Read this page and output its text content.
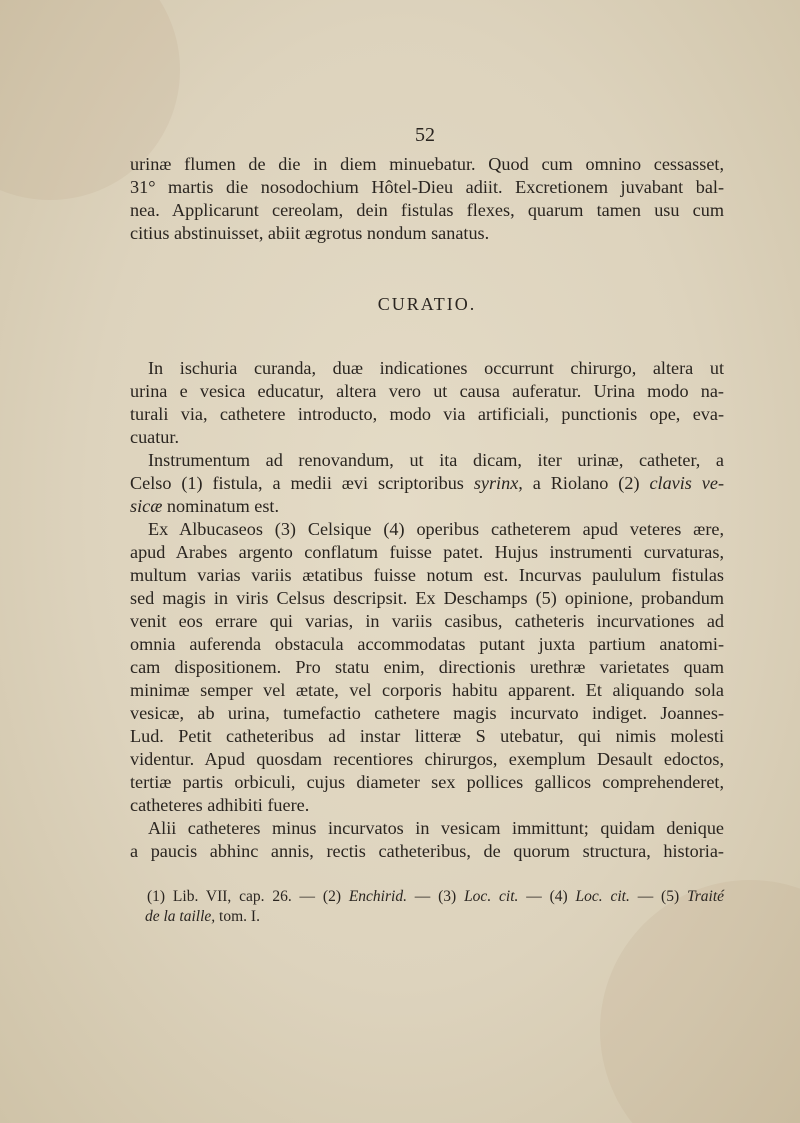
52
urinæ flumen de die in diem minuebatur. Quod cum omnino cessasset,
31° martis die nosodochium Hôtel-Dieu adiit. Excretionem juvabant bal-
nea. Applicarunt cereolam, dein fistulas flexes, quarum tamen usu cum
citius abstinuisset, abiit ægrotus nondum sanatus.
CURATIO.
In ischuria curanda, duæ indicationes occurrunt chirurgo, altera ut
urina e vesica educatur, altera vero ut causa auferatur. Urina modo na-
turali via, cathetere introducto, modo via artificiali, punctionis ope, eva-
cuatur.
Instrumentum ad renovandum, ut ita dicam, iter urinæ, catheter, a
Celso (1) fistula, a medii ævi scriptoribus syrinx, a Riolano (2) clavis ve-
sicæ nominatum est.
Ex Albucaseos (3) Celsique (4) operibus catheterem apud veteres ære,
apud Arabes argento conflatum fuisse patet. Hujus instrumenti curvaturas,
multum varias variis ætatibus fuisse notum est. Incurvas paululum fistulas
sed magis in viris Celsus descripsit. Ex Deschamps (5) opinione, probandum
venit eos errare qui varias, in variis casibus, catheteris incurvationes ad
omnia auferenda obstacula accommodatas putant juxta partium anatomi-
cam dispositionem. Pro statu enim, directionis urethræ varietates quam
minimæ semper vel ætate, vel corporis habitu apparent. Et aliquando sola
vesicæ, ab urina, tumefactio cathetere magis incurvato indiget. Joannes-
Lud. Petit catheteribus ad instar litteræ S utebatur, qui nimis molesti
videntur. Apud quosdam recentiores chirurgos, exemplum Desault edoctos,
tertiæ partis orbiculi, cujus diameter sex pollices gallicos comprehenderet,
catheteres adhibiti fuere.
Alii catheteres minus incurvatos in vesicam immittunt; quidam denique
a paucis abhinc annis, rectis catheteribus, de quorum structura, historia-
(1) Lib. VII, cap. 26. — (2) Enchirid. — (3) Loc. cit. — (4) Loc. cit. — (5) Traité
de la taille, tom. I.
